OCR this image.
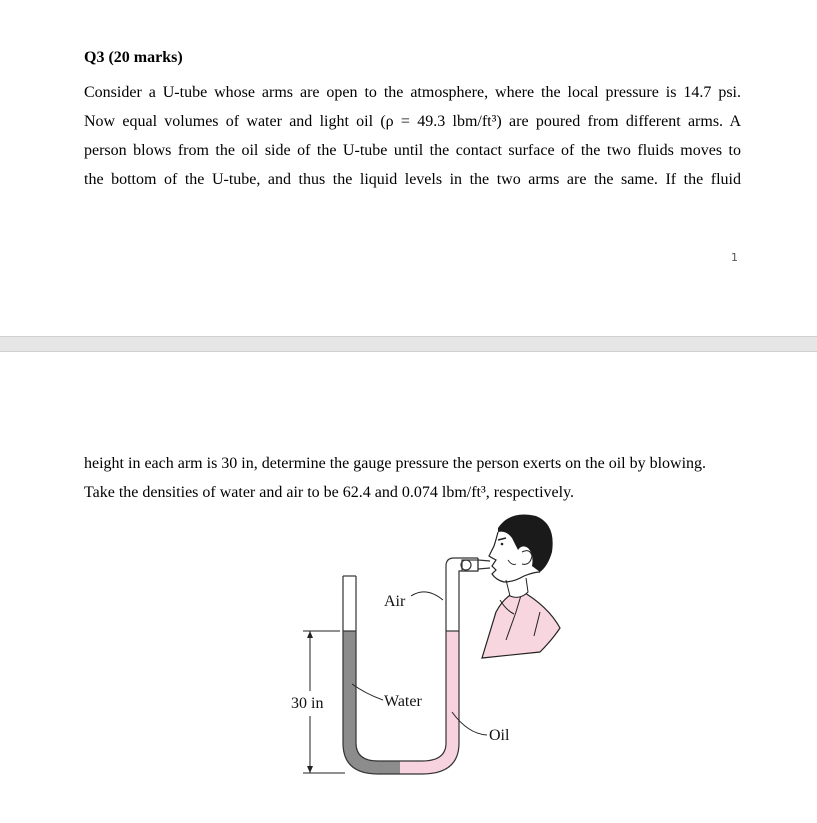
Q3 (20 marks)
Consider a U-tube whose arms are open to the atmosphere, where the local pressure is 14.7 psi.
Now equal volumes of water and light oil (ρ = 49.3 lbm/ft³) are poured from different arms. A
person blows from the oil side of the U-tube until the contact surface of the two fluids moves to
the bottom of the U-tube, and thus the liquid levels in the two arms are the same. If the fluid
1
height in each arm is 30 in, determine the gauge pressure the person exerts on the oil by blowing.
Take the densities of water and air to be 62.4 and 0.074 lbm/ft³, respectively.
30 in
Air
Water
Oil
